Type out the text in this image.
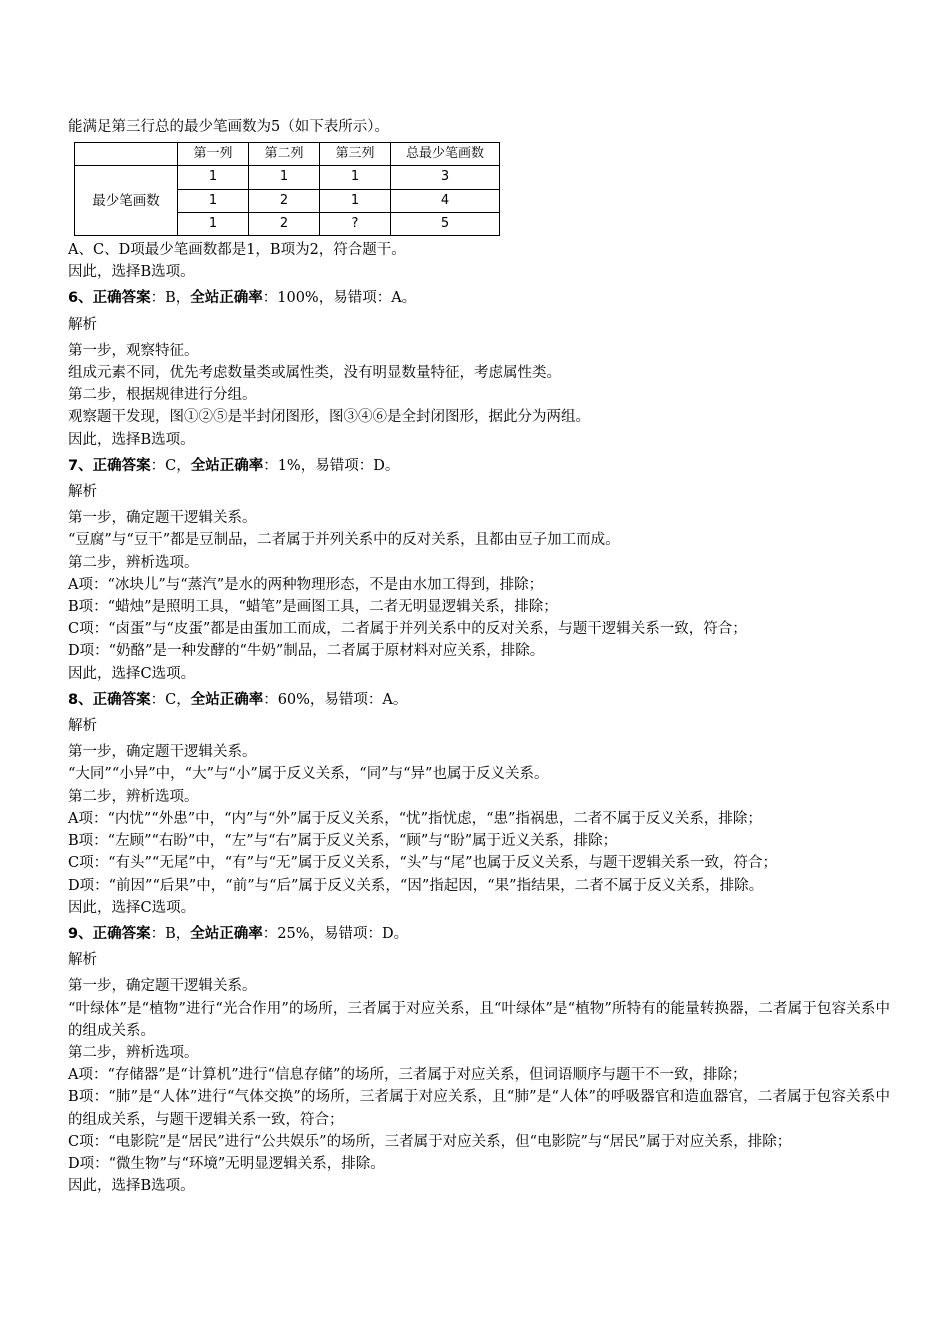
能满足第三行总的最少笔画数为5（如下表所示）。
	第一列	第二列	第三列	总最少笔画数
最少笔画数	1	1	1	3
	1	2	1	4
	1	2	?	5
A、C、D项最少笔画数都是1，B项为2，符合题干。
因此，选择B选项。
6、正确答案：B，全站正确率：100%，易错项：A。
解析
第一步，观察特征。
组成元素不同，优先考虑数量类或属性类，没有明显数量特征，考虑属性类。
第二步，根据规律进行分组。
观察题干发现，图①②⑤是半封闭图形，图③④⑥是全封闭图形，据此分为两组。
因此，选择B选项。
7、正确答案：C，全站正确率：1%，易错项：D。
解析
第一步，确定题干逻辑关系。
“豆腐”与“豆干”都是豆制品，二者属于并列关系中的反对关系，且都由豆子加工而成。
第二步，辨析选项。
A项：“冰块儿”与“蒸汽”是水的两种物理形态，不是由水加工得到，排除；
B项：“蜡烛”是照明工具，“蜡笔”是画图工具，二者无明显逻辑关系，排除；
C项：“卤蛋”与“皮蛋”都是由蛋加工而成，二者属于并列关系中的反对关系，与题干逻辑关系一致，符合；
D项：“奶酪”是一种发酵的“牛奶”制品，二者属于原材料对应关系，排除。
因此，选择C选项。
8、正确答案：C，全站正确率：60%，易错项：A。
解析
第一步，确定题干逻辑关系。
“大同”“小异”中，“大”与“小”属于反义关系，“同”与“异”也属于反义关系。
第二步，辨析选项。
A项：“内忧”“外患”中，“内”与“外”属于反义关系，“忧”指忧虑，“患”指祸患，二者不属于反义关系，排除；
B项：“左顾”“右盼”中，“左”与“右”属于反义关系，“顾”与“盼”属于近义关系，排除；
C项：“有头”“无尾”中，“有”与“无”属于反义关系，“头”与“尾”也属于反义关系，与题干逻辑关系一致，符合；
D项：“前因”“后果”中，“前”与“后”属于反义关系，“因”指起因，“果”指结果，二者不属于反义关系，排除。
因此，选择C选项。
9、正确答案：B，全站正确率：25%，易错项：D。
解析
第一步，确定题干逻辑关系。
“叶绿体”是“植物”进行“光合作用”的场所，三者属于对应关系，且“叶绿体”是“植物”所特有的能量转换器，二者属于包容关系中的组成关系。
第二步，辨析选项。
A项：“存储器”是“计算机”进行“信息存储”的场所，三者属于对应关系，但词语顺序与题干不一致，排除；
B项：“肺”是“人体”进行“气体交换”的场所，三者属于对应关系，且“肺”是“人体”的呼吸器官和造血器官，二者属于包容关系中的组成关系，与题干逻辑关系一致，符合；
C项：“电影院”是“居民”进行“公共娱乐”的场所，三者属于对应关系，但“电影院”与“居民”属于对应关系，排除；
D项：“微生物”与“环境”无明显逻辑关系，排除。
因此，选择B选项。
